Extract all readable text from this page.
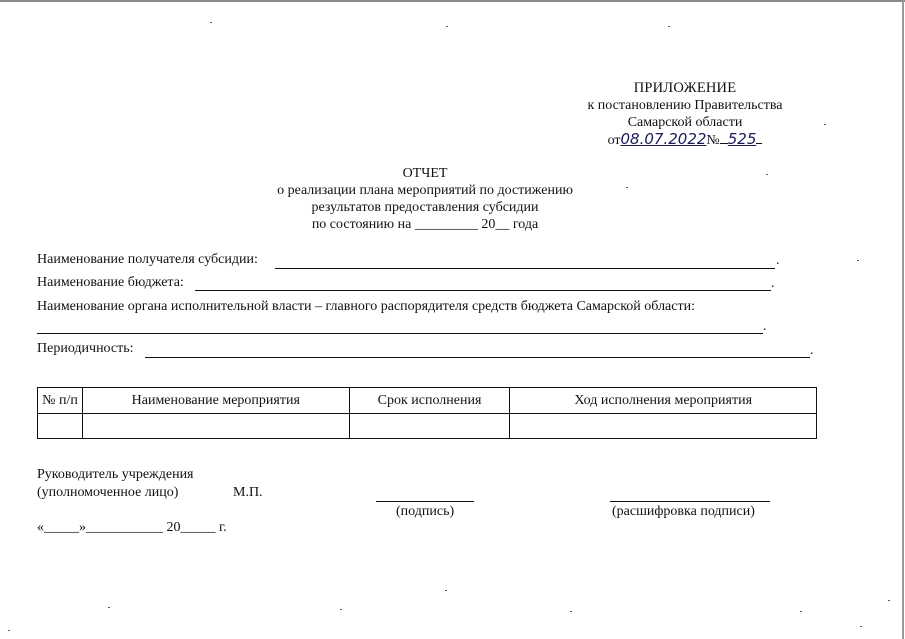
ПРИЛОЖЕНИЕ
к постановлению Правительства
Самарской области
от08.07.2022№ 525
ОТЧЕТ
о реализации плана мероприятий по достижению
результатов предоставления субсидии
по состоянию на _________ 20__ года
Наименование получателя субсидии:	.
Наименование бюджета:	.
Наименование органа исполнительной власти – главного распорядителя средств бюджета Самарской области:
.
Периодичность:	.
№ п/п	Наименование мероприятия	Срок исполнения	Ход исполнения мероприятия

Руководитель учреждения
(уполномоченное лицо)	М.П.
(подпись)	(расшифровка подписи)
«_____»___________ 20_____ г.
